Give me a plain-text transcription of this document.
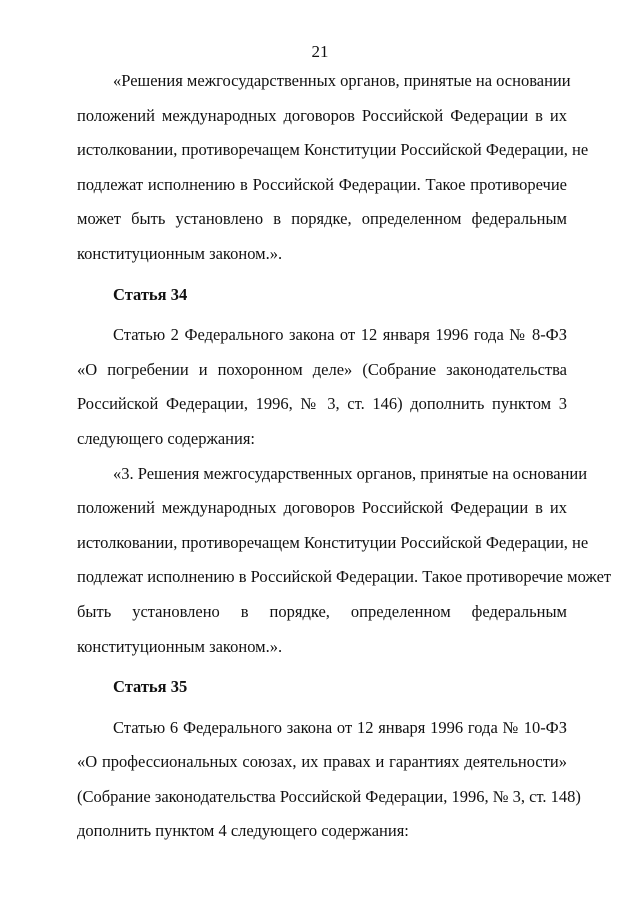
21

«Решения межгосударственных органов, принятые на основании
положений международных договоров Российской Федерации в их
истолковании, противоречащем Конституции Российской Федерации, не
подлежат исполнению в Российской Федерации. Такое противоречие
может быть установлено в порядке, определенном федеральным
конституционным законом.».

Статья 34

Статью 2 Федерального закона от 12 января 1996 года № 8-ФЗ
«О погребении и похоронном деле» (Собрание законодательства
Российской Федерации, 1996, № 3, ст. 146) дополнить пунктом 3
следующего содержания:

«3. Решения межгосударственных органов, принятые на основании
положений международных договоров Российской Федерации в их
истолковании, противоречащем Конституции Российской Федерации, не
подлежат исполнению в Российской Федерации. Такое противоречие может
быть установлено в порядке, определенном федеральным
конституционным законом.».

Статья 35

Статью 6 Федерального закона от 12 января 1996 года № 10-ФЗ
«О профессиональных союзах, их правах и гарантиях деятельности»
(Собрание законодательства Российской Федерации, 1996, № 3, ст. 148)
дополнить пунктом 4 следующего содержания:
